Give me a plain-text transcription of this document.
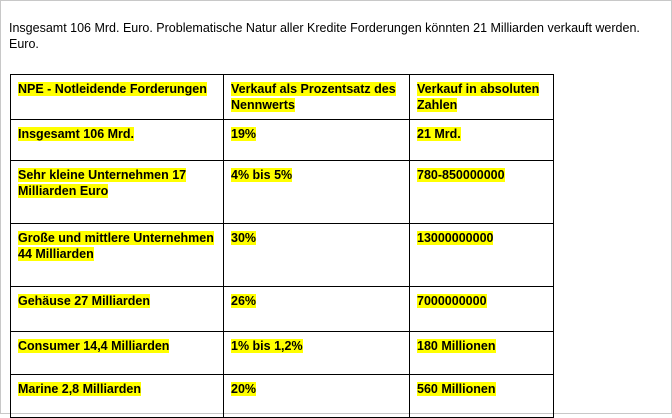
Insgesamt 106 Mrd. Euro. Problematische Natur aller Kredite Forderungen könnten 21 Milliarden verkauft werden. Euro.

NPE - Notleidende Forderungen	Verkauf als Prozentsatz des Nennwerts	Verkauf in absoluten Zahlen
Insgesamt 106 Mrd.	19%	21 Mrd.
Sehr kleine Unternehmen 17 Milliarden Euro	4% bis 5%	780-850000000
Große und mittlere Unternehmen 44 Milliarden	30%	13000000000
Gehäuse 27 Milliarden	26%	7000000000
Consumer 14,4 Milliarden	1% bis 1,2%	180 Millionen
Marine 2,8 Milliarden	20%	560 Millionen
